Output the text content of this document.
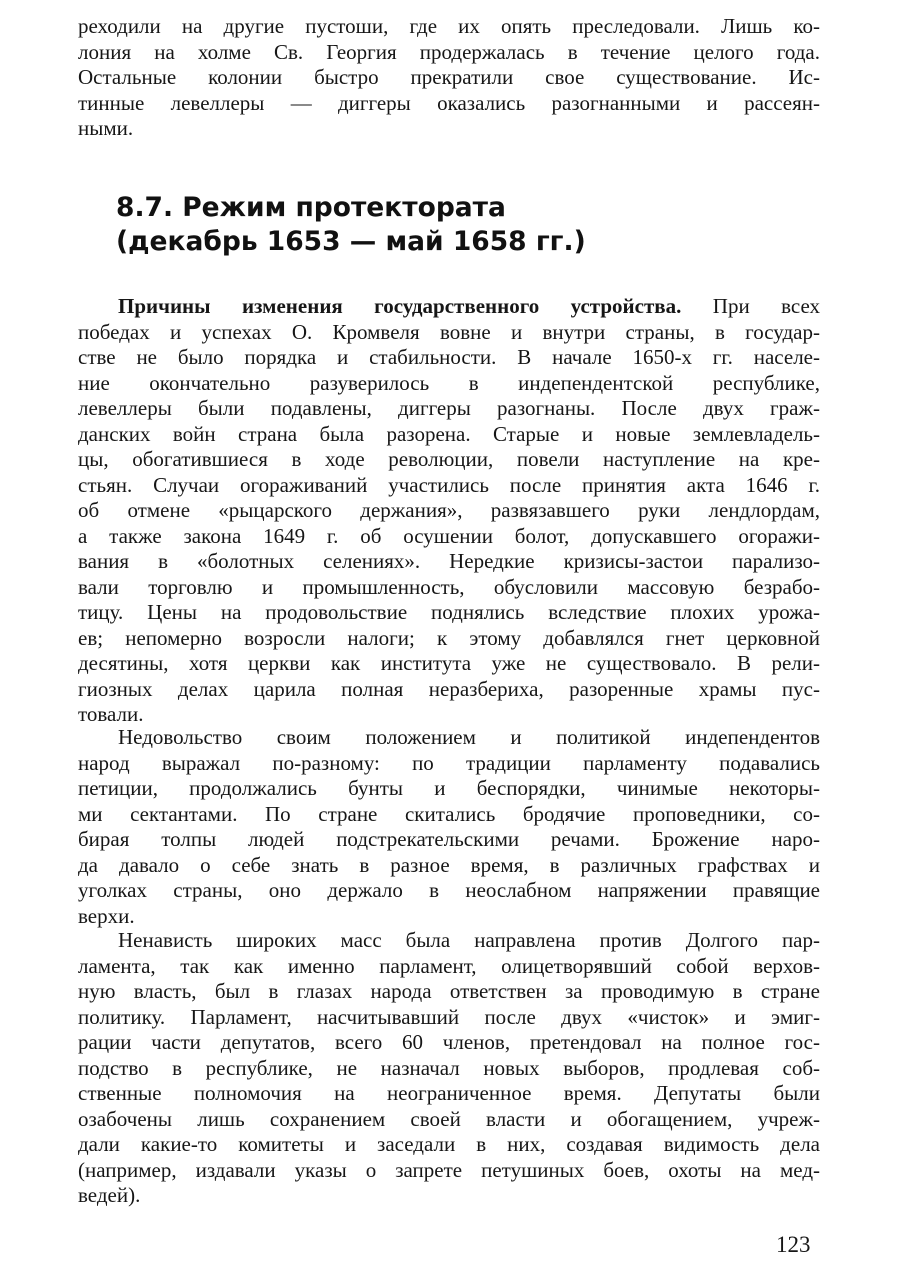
реходили на другие пустоши, где их опять преследовали. Лишь ко-
лония на холме Св. Георгия продержалась в течение целого года.
Остальные колонии быстро прекратили свое существование. Ис-
тинные левеллеры — диггеры оказались разогнанными и рассеян-
ными.

8.7. Режим протектората
(декабрь 1653 — май 1658 гг.)

Причины изменения государственного устройства. При всех
победах и успехах О. Кромвеля вовне и внутри страны, в государ-
стве не было порядка и стабильности. В начале 1650-х гг. населе-
ние окончательно разуверилось в индепендентской республике,
левеллеры были подавлены, диггеры разогнаны. После двух граж-
данских войн страна была разорена. Старые и новые землевладель-
цы, обогатившиеся в ходе революции, повели наступление на кре-
стьян. Случаи огораживаний участились после принятия акта 1646 г.
об отмене «рыцарского держания», развязавшего руки лендлордам,
а также закона 1649 г. об осушении болот, допускавшего огоражи-
вания в «болотных селениях». Нередкие кризисы-застои парализо-
вали торговлю и промышленность, обусловили массовую безрабо-
тицу. Цены на продовольствие поднялись вследствие плохих урожа-
ев; непомерно возросли налоги; к этому добавлялся гнет церковной
десятины, хотя церкви как института уже не существовало. В рели-
гиозных делах царила полная неразбериха, разоренные храмы пус-
товали.

Недовольство своим положением и политикой индепендентов
народ выражал по-разному: по традиции парламенту подавались
петиции, продолжались бунты и беспорядки, чинимые некоторы-
ми сектантами. По стране скитались бродячие проповедники, со-
бирая толпы людей подстрекательскими речами. Брожение наро-
да давало о себе знать в разное время, в различных графствах и
уголках страны, оно держало в неослабном напряжении правящие
верхи.

Ненависть широких масс была направлена против Долгого пар-
ламента, так как именно парламент, олицетворявший собой верхов-
ную власть, был в глазах народа ответствен за проводимую в стране
политику. Парламент, насчитывавший после двух «чисток» и эмиг-
рации части депутатов, всего 60 членов, претендовал на полное гос-
подство в республике, не назначал новых выборов, продлевая соб-
ственные полномочия на неограниченное время. Депутаты были
озабочены лишь сохранением своей власти и обогащением, учреж-
дали какие-то комитеты и заседали в них, создавая видимость дела
(например, издавали указы о запрете петушиных боев, охоты на мед-
ведей).

123
